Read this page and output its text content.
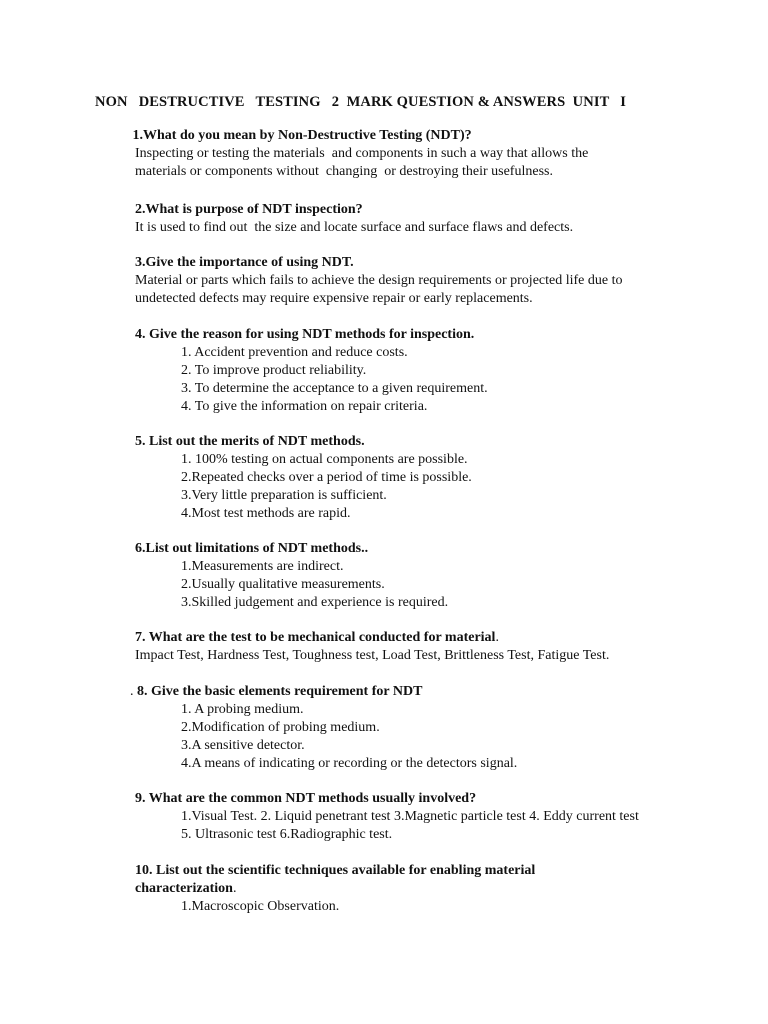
NON   DESTRUCTIVE   TESTING   2  MARK QUESTION & ANSWERS  UNIT   I
1.What do you mean by Non-Destructive Testing (NDT)?
Inspecting or testing the materials  and components in such a way that allows the
materials or components without  changing  or destroying their usefulness.
2.What is purpose of NDT inspection?
It is used to find out  the size and locate surface and surface flaws and defects.
3.Give the importance of using NDT.
Material or parts which fails to achieve the design requirements or projected life due to
undetected defects may require expensive repair or early replacements.
4. Give the reason for using NDT methods for inspection.
1. Accident prevention and reduce costs.
2. To improve product reliability.
3. To determine the acceptance to a given requirement.
4. To give the information on repair criteria.
5. List out the merits of NDT methods.
1. 100% testing on actual components are possible.
2.Repeated checks over a period of time is possible.
3.Very little preparation is sufficient.
4.Most test methods are rapid.
6.List out limitations of NDT methods..
1.Measurements are indirect.
2.Usually qualitative measurements.
3.Skilled judgement and experience is required.
7. What are the test to be mechanical conducted for material.
Impact Test, Hardness Test, Toughness test, Load Test, Brittleness Test, Fatigue Test.
. 8. Give the basic elements requirement for NDT
1. A probing medium.
2.Modification of probing medium.
3.A sensitive detector.
4.A means of indicating or recording or the detectors signal.
9. What are the common NDT methods usually involved?
1.Visual Test. 2. Liquid penetrant test 3.Magnetic particle test 4. Eddy current test
5. Ultrasonic test 6.Radiographic test.
10. List out the scientific techniques available for enabling material
characterization.
1.Macroscopic Observation.
